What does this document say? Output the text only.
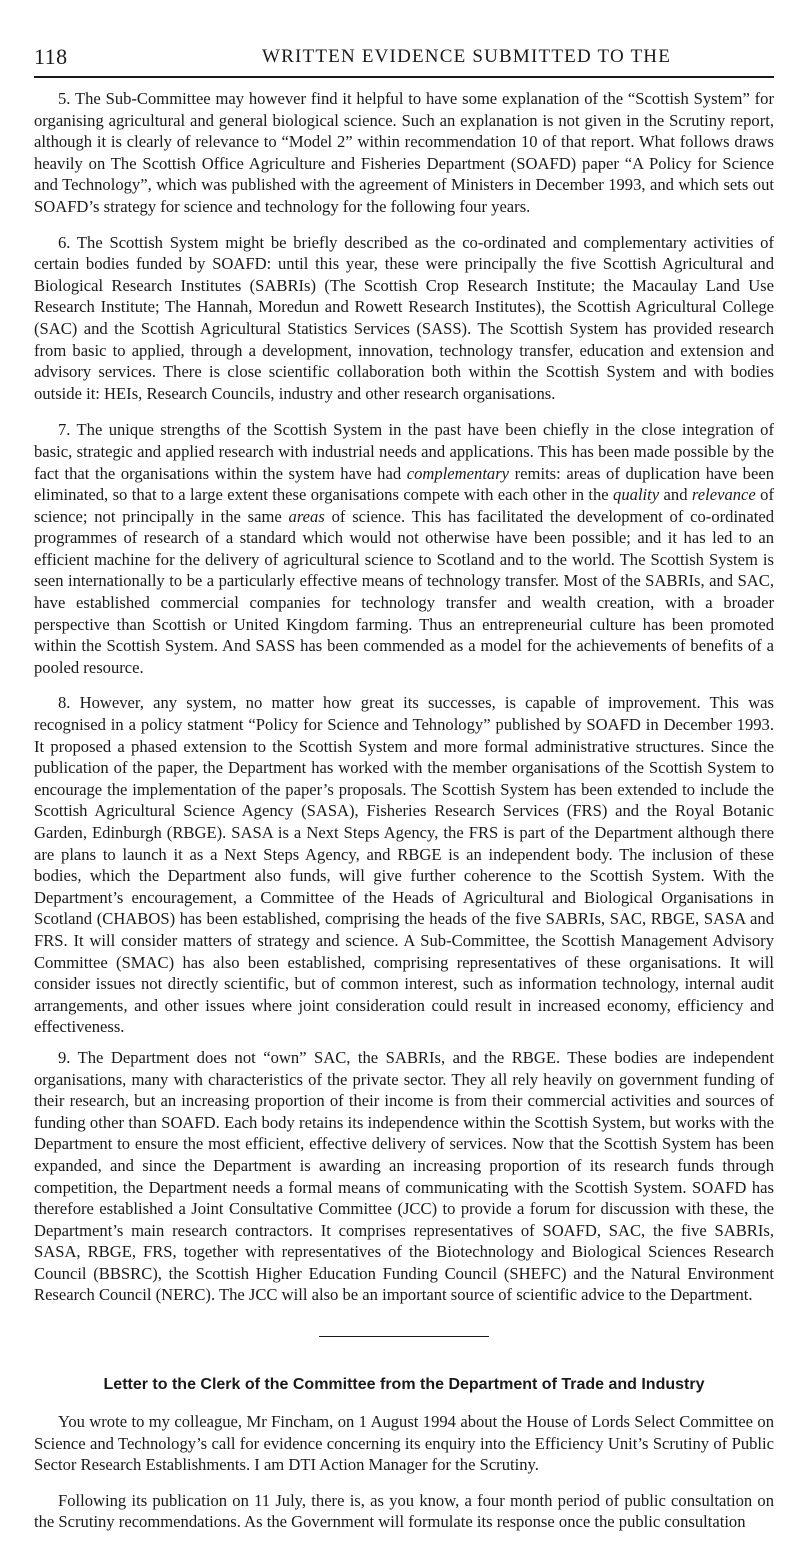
118	WRITTEN EVIDENCE SUBMITTED TO THE

5. The Sub-Committee may however find it helpful to have some explanation of the “Scottish System” for organising agricultural and general biological science. Such an explanation is not given in the Scrutiny report, although it is clearly of relevance to “Model 2” within recommendation 10 of that report. What follows draws heavily on The Scottish Office Agriculture and Fisheries Department (SOAFD) paper “A Policy for Science and Technology”, which was published with the agreement of Ministers in December 1993, and which sets out SOAFD’s strategy for science and technology for the following four years.

6. The Scottish System might be briefly described as the co-ordinated and complementary activities of certain bodies funded by SOAFD: until this year, these were principally the five Scottish Agricultural and Biological Research Institutes (SABRIs) (The Scottish Crop Research Institute; the Macaulay Land Use Research Institute; The Hannah, Moredun and Rowett Research Institutes), the Scottish Agricultural College (SAC) and the Scottish Agricultural Statistics Services (SASS). The Scottish System has provided research from basic to applied, through a development, innovation, technology transfer, education and extension and advisory services. There is close scientific collaboration both within the Scottish System and with bodies outside it: HEIs, Research Councils, industry and other research organisations.

7. The unique strengths of the Scottish System in the past have been chiefly in the close integration of basic, strategic and applied research with industrial needs and applications. This has been made possible by the fact that the organisations within the system have had complementary remits: areas of duplication have been eliminated, so that to a large extent these organisations compete with each other in the quality and relevance of science; not principally in the same areas of science. This has facilitated the development of co-ordinated programmes of research of a standard which would not otherwise have been possible; and it has led to an efficient machine for the delivery of agricultural science to Scotland and to the world. The Scottish System is seen internationally to be a particularly effective means of technology transfer. Most of the SABRIs, and SAC, have established commercial companies for technology transfer and wealth creation, with a broader perspective than Scottish or United Kingdom farming. Thus an entrepreneurial culture has been promoted within the Scottish System. And SASS has been commended as a model for the achievements of benefits of a pooled resource.

8. However, any system, no matter how great its successes, is capable of improvement. This was recognised in a policy statment “Policy for Science and Tehnology” published by SOAFD in December 1993. It proposed a phased extension to the Scottish System and more formal administrative structures. Since the publication of the paper, the Department has worked with the member organisations of the Scottish System to encourage the implementation of the paper’s proposals. The Scottish System has been extended to include the Scottish Agricultural Science Agency (SASA), Fisheries Research Services (FRS) and the Royal Botanic Garden, Edinburgh (RBGE). SASA is a Next Steps Agency, the FRS is part of the Department although there are plans to launch it as a Next Steps Agency, and RBGE is an independent body. The inclusion of these bodies, which the Department also funds, will give further coherence to the Scottish System. With the Department’s encouragement, a Committee of the Heads of Agricultural and Biological Organisations in Scotland (CHABOS) has been established, comprising the heads of the five SABRIs, SAC, RBGE, SASA and FRS. It will consider matters of strategy and science. A Sub-Committee, the Scottish Management Advisory Committee (SMAC) has also been established, comprising representatives of these organisations. It will consider issues not directly scientific, but of common interest, such as information technology, internal audit arrangements, and other issues where joint consideration could result in increased economy, efficiency and effectiveness.

9. The Department does not “own” SAC, the SABRIs, and the RBGE. These bodies are independent organisations, many with characteristics of the private sector. They all rely heavily on government funding of their research, but an increasing proportion of their income is from their commercial activities and sources of funding other than SOAFD. Each body retains its independence within the Scottish System, but works with the Department to ensure the most efficient, effective delivery of services. Now that the Scottish System has been expanded, and since the Department is awarding an increasing proportion of its research funds through competition, the Department needs a formal means of communicating with the Scottish System. SOAFD has therefore established a Joint Consultative Committee (JCC) to provide a forum for discussion with these, the Department’s main research contractors. It comprises representatives of SOAFD, SAC, the five SABRIs, SASA, RBGE, FRS, together with representatives of the Biotechnology and Biological Sciences Research Council (BBSRC), the Scottish Higher Education Funding Council (SHEFC) and the Natural Environment Research Council (NERC). The JCC will also be an important source of scientific advice to the Department.

Letter to the Clerk of the Committee from the Department of Trade and Industry

You wrote to my colleague, Mr Fincham, on 1 August 1994 about the House of Lords Select Committee on Science and Technology’s call for evidence concerning its enquiry into the Efficiency Unit’s Scrutiny of Public Sector Research Establishments. I am DTI Action Manager for the Scrutiny.

Following its publication on 11 July, there is, as you know, a four month period of public consultation on the Scrutiny recommendations. As the Government will formulate its response once the public consultation
